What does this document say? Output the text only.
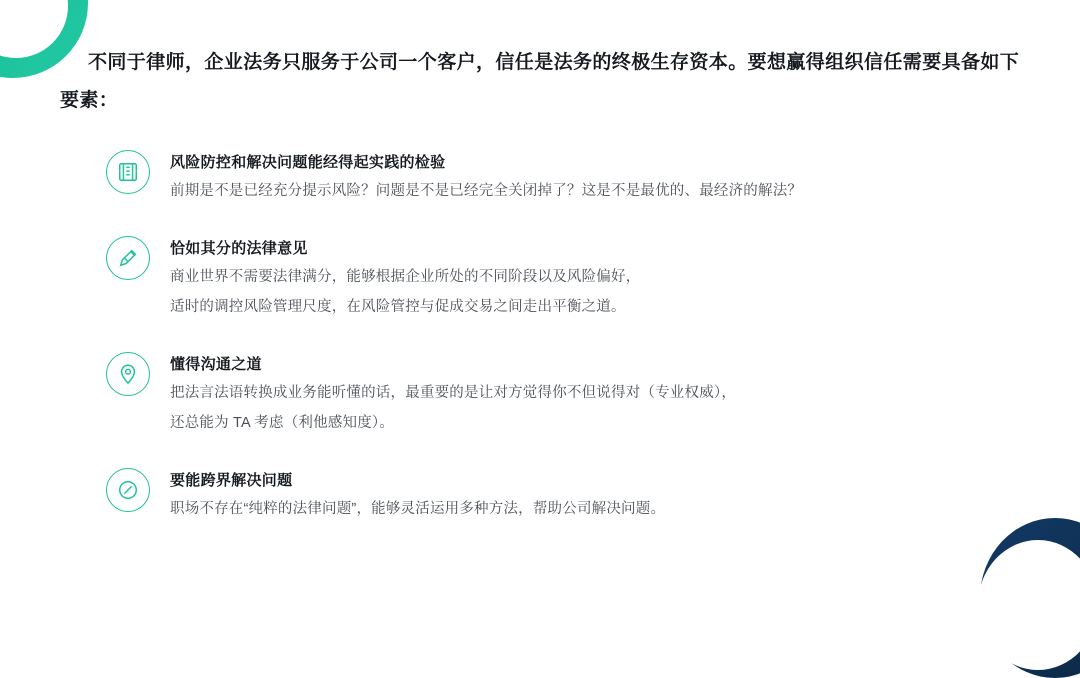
不同于律师，企业法务只服务于公司一个客户，信任是法务的终极生存资本。要想赢得组织信任需要具备如下要素：
风险防控和解决问题能经得起实践的检验
前期是不是已经充分提示风险？问题是不是已经完全关闭掉了？这是不是最优的、最经济的解法？
恰如其分的法律意见
商业世界不需要法律满分，能够根据企业所处的不同阶段以及风险偏好，
适时的调控风险管理尺度，在风险管控与促成交易之间走出平衡之道。
懂得沟通之道
把法言法语转换成业务能听懂的话，最重要的是让对方觉得你不但说得对（专业权威），
还总能为 TA 考虑（利他感知度）。
要能跨界解决问题
职场不存在“纯粹的法律问题”，能够灵活运用多种方法，帮助公司解决问题。
